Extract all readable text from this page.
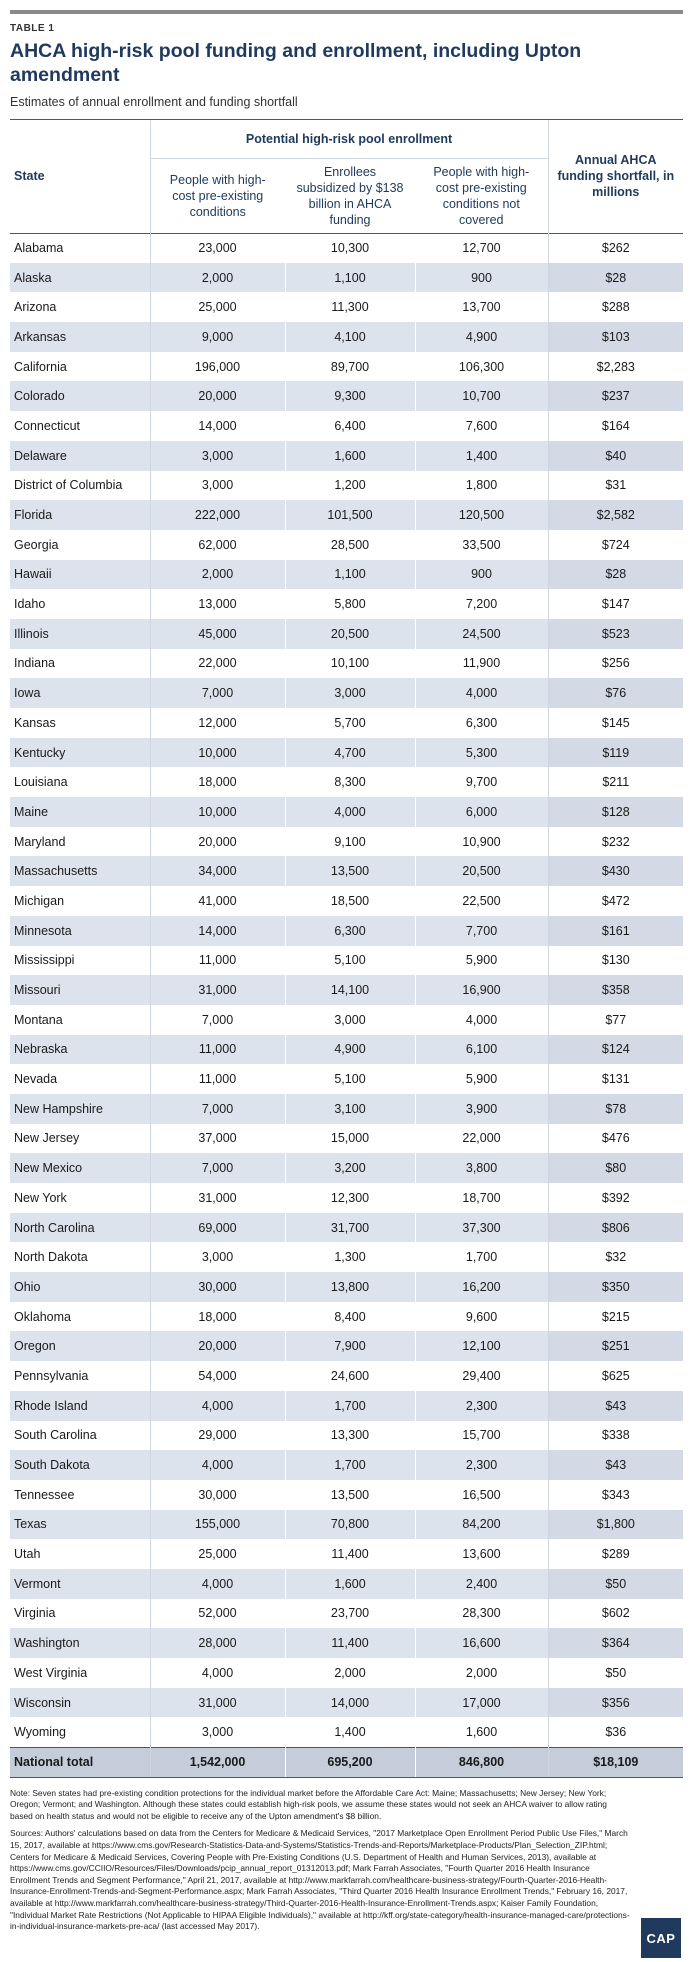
TABLE 1
AHCA high-risk pool funding and enrollment, including Upton amendment
Estimates of annual enrollment and funding shortfall
State	Potential high-risk pool enrollment			Annual AHCA funding shortfall, in millions
	People with high-cost pre-existing conditions	Enrollees subsidized by $138 billion in AHCA funding	People with high-cost pre-existing conditions not covered	
Alabama	23,000	10,300	12,700	$262
Alaska	2,000	1,100	900	$28
Arizona	25,000	11,300	13,700	$288
Arkansas	9,000	4,100	4,900	$103
California	196,000	89,700	106,300	$2,283
Colorado	20,000	9,300	10,700	$237
Connecticut	14,000	6,400	7,600	$164
Delaware	3,000	1,600	1,400	$40
District of Columbia	3,000	1,200	1,800	$31
Florida	222,000	101,500	120,500	$2,582
Georgia	62,000	28,500	33,500	$724
Hawaii	2,000	1,100	900	$28
Idaho	13,000	5,800	7,200	$147
Illinois	45,000	20,500	24,500	$523
Indiana	22,000	10,100	11,900	$256
Iowa	7,000	3,000	4,000	$76
Kansas	12,000	5,700	6,300	$145
Kentucky	10,000	4,700	5,300	$119
Louisiana	18,000	8,300	9,700	$211
Maine	10,000	4,000	6,000	$128
Maryland	20,000	9,100	10,900	$232
Massachusetts	34,000	13,500	20,500	$430
Michigan	41,000	18,500	22,500	$472
Minnesota	14,000	6,300	7,700	$161
Mississippi	11,000	5,100	5,900	$130
Missouri	31,000	14,100	16,900	$358
Montana	7,000	3,000	4,000	$77
Nebraska	11,000	4,900	6,100	$124
Nevada	11,000	5,100	5,900	$131
New Hampshire	7,000	3,100	3,900	$78
New Jersey	37,000	15,000	22,000	$476
New Mexico	7,000	3,200	3,800	$80
New York	31,000	12,300	18,700	$392
North Carolina	69,000	31,700	37,300	$806
North Dakota	3,000	1,300	1,700	$32
Ohio	30,000	13,800	16,200	$350
Oklahoma	18,000	8,400	9,600	$215
Oregon	20,000	7,900	12,100	$251
Pennsylvania	54,000	24,600	29,400	$625
Rhode Island	4,000	1,700	2,300	$43
South Carolina	29,000	13,300	15,700	$338
South Dakota	4,000	1,700	2,300	$43
Tennessee	30,000	13,500	16,500	$343
Texas	155,000	70,800	84,200	$1,800
Utah	25,000	11,400	13,600	$289
Vermont	4,000	1,600	2,400	$50
Virginia	52,000	23,700	28,300	$602
Washington	28,000	11,400	16,600	$364
West Virginia	4,000	2,000	2,000	$50
Wisconsin	31,000	14,000	17,000	$356
Wyoming	3,000	1,400	1,600	$36
National total	1,542,000	695,200	846,800	$18,109

Note: Seven states had pre-existing condition protections for the individual market before the Affordable Care Act: Maine; Massachusetts; New Jersey; New York; Oregon; Vermont; and Washington. Although these states could establish high-risk pools, we assume these states would not seek an AHCA waiver to allow rating based on health status and would not be eligible to receive any of the Upton amendment's $8 billion.

Sources: Authors' calculations based on data from the Centers for Medicare & Medicaid Services, "2017 Marketplace Open Enrollment Period Public Use Files," March 15, 2017, available at https://www.cms.gov/Research-Statistics-Data-and-Systems/Statistics-Trends-and-Reports/Marketplace-Products/Plan_Selection_ZIP.html; Centers for Medicare & Medicaid Services, Covering People with Pre-Existing Conditions (U.S. Department of Health and Human Services, 2013), available at https://www.cms.gov/CCIIO/Resources/Files/Downloads/pcip_annual_report_01312013.pdf; Mark Farrah Associates, "Fourth Quarter 2016 Health Insurance Enrollment Trends and Segment Performance," April 21, 2017, available at http://www.markfarrah.com/healthcare-business-strategy/Fourth-Quarter-2016-Health-Insurance-Enrollment-Trends-and-Segment-Performance.aspx; Mark Farrah Associates, "Third Quarter 2016 Health Insurance Enrollment Trends," February 16, 2017, available at http://www.markfarrah.com/healthcare-business-strategy/Third-Quarter-2016-Health-Insurance-Enrollment-Trends.aspx; Kaiser Family Foundation, "Individual Market Rate Restrictions (Not Applicable to HIPAA Eligible Individuals)," available at http://kff.org/state-category/health-insurance-managed-care/protections-in-individual-insurance-markets-pre-aca/ (last accessed May 2017).

CAP
